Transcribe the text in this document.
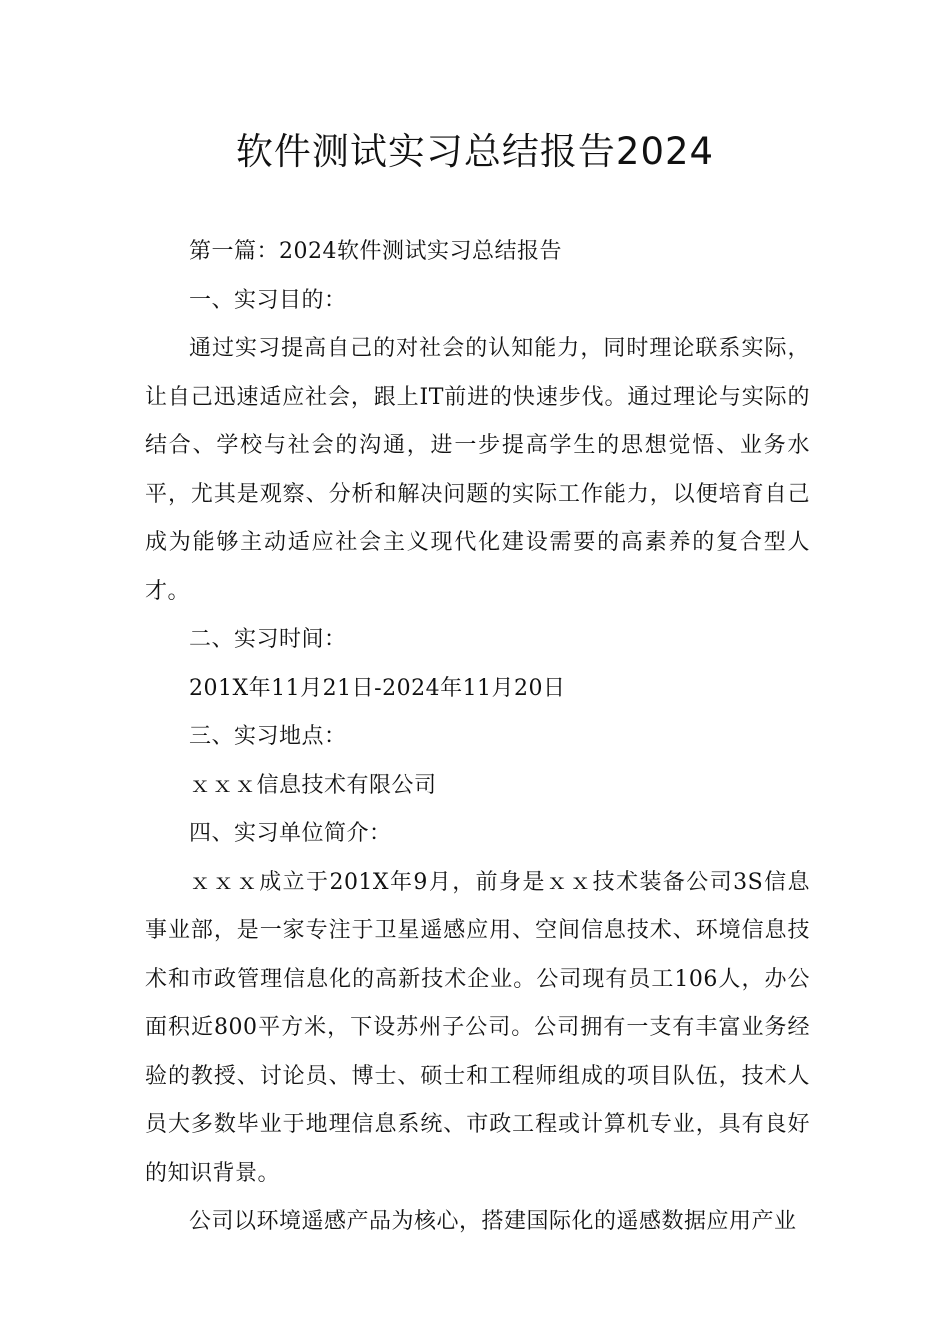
软件测试实习总结报告2024

第一篇：2024软件测试实习总结报告

一、实习目的：

通过实习提高自己的对社会的认知能力，同时理论联系实际，让自己迅速适应社会，跟上IT前进的快速步伐。通过理论与实际的结合、学校与社会的沟通，进一步提高学生的思想觉悟、业务水平，尤其是观察、分析和解决问题的实际工作能力，以便培育自己成为能够主动适应社会主义现代化建设需要的高素养的复合型人才。

二、实习时间：

201X年11月21日-2024年11月20日

三、实习地点：

ｘｘｘ信息技术有限公司

四、实习单位简介：

ｘｘｘ成立于201X年9月，前身是ｘｘ技术装备公司3S信息事业部，是一家专注于卫星遥感应用、空间信息技术、环境信息技术和市政管理信息化的高新技术企业。公司现有员工106人，办公面积近800平方米，下设苏州子公司。公司拥有一支有丰富业务经验的教授、讨论员、博士、硕士和工程师组成的项目队伍，技术人员大多数毕业于地理信息系统、市政工程或计算机专业，具有良好的知识背景。

公司以环境遥感产品为核心，搭建国际化的遥感数据应用产业
